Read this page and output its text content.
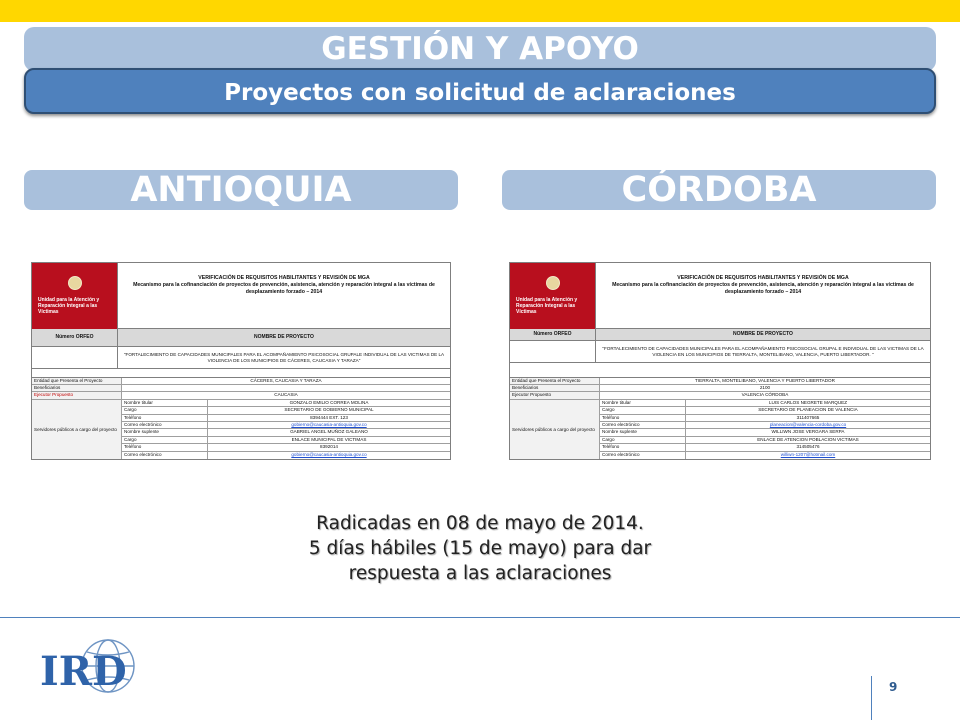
GESTIÓN Y APOYO
Proyectos con solicitud de aclaraciones
ANTIOQUIA	CÓRDOBA
Unidad para la Atención y Reparación Integral a las Víctimas
VERIFICACIÓN DE REQUISITOS HABILITANTES Y REVISIÓN DE MGA
Mecanismo para la cofinanciación de proyectos de prevención, asistencia, atención y reparación integral a las víctimas de desplazamiento forzado – 2014
Número ORFEO	NOMBRE DE PROYECTO
"FORTALECIMIENTO DE CAPACIDADES MUNICIPALES PARA EL ACOMPAÑAMIENTO PSICOSOCIAL GRUPALE INDIVIDUAL DE LAS VICTIMAS DE LA VIOLENCIA DE LOS MUNICIPIOS DE CÁCERES, CAUCASIA Y TARAZA"
Entidad que Presenta el Proyecto	CÁCERES, CAUCASIA Y TARAZA
Beneficiarios
Ejecutor Propuesto	CAUCASIA
Servidores públicos a cargo del proyecto
Nombre titular	GONZALO EMILIO CORREA MOLINA
Cargo	SECRETARIO DE GOBIERNO MUNICIPAL
Teléfono	8394444 EXT. 123
Correo electrónico	gobierno@caucasia-antioquia.gov.co
Nombre suplente	GABRIEL ANGEL MUÑOZ GALEANO
Cargo	ENLACE MUNICIPAL DE VICTIMAS
Teléfono	8392014
Correo electrónico	gobierno@caucasia-antioquia.gov.co
Unidad para la Atención y Reparación Integral a las Víctimas
VERIFICACIÓN DE REQUISITOS HABILITANTES Y REVISIÓN DE MGA
Mecanismo para la cofinanciación de proyectos de prevención, asistencia, atención y reparación integral a las víctimas de desplazamiento forzado – 2014
Número ORFEO	NOMBRE DE PROYECTO
"FORTALECIMIENTO DE CAPACIDADES MUNICIPALES PARA EL ACOMPAÑAMIENTO PSICOSOCIAL GRUPAL E INDIVIDUAL DE LAS VICTIMAS DE LA VIOLENCIA EN LOS MUNICIPIOS DE TIERRALTA, MONTELIBANO, VALENCIA, PUERTO LIBERTADOR. "
Entidad que Presenta el Proyecto	TIERRALTA, MONTELIBANO, VALENCIA Y PUERTO LIBERTADOR
Beneficiarios	2100
Ejecutor Propuesto	VALENCIA CÓRDOBA
Servidores públicos a cargo del proyecto
Nombre titular	LUIS CARLOS NEGRETE MARQUEZ
Cargo	SECRETARIO DE PLANEACION DE VALENCIA
Teléfono	311407665
Correo electrónico	planeacion@valencia-cordoba.gov.co
Nombre suplente	WILLIWN JOSE VERGARA SERPA
Cargo	ENLACE DE ATENCION POBLACION VICTIMAS
Teléfono	314505476
Correo electrónico	williwn-1207@hotmail.com
Radicadas en 08 de mayo de 2014.
5 días hábiles (15 de mayo) para dar
respuesta a las aclaraciones
IRD	9
